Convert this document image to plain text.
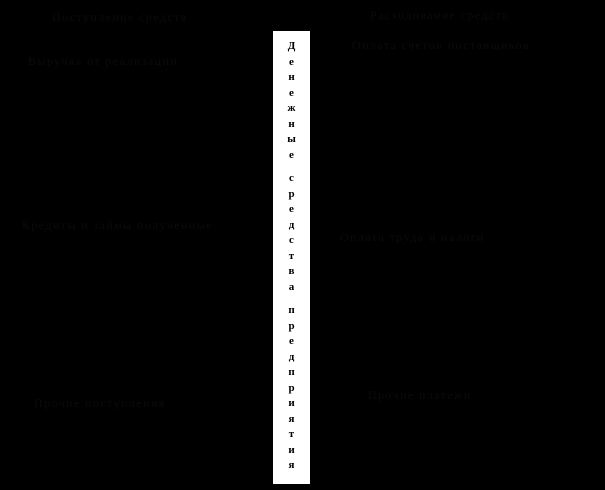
Поступление средств
Выручка от реализации
Кредиты и займы полученные
Прочие поступления
Расходование средств
Оплата счетов поставщиков
Оплата труда и налоги
Прочие платежи
Д
е
н
е
ж
н
ы
е
с
р
е
д
с
т
в
а
п
р
е
д
п
р
и
я
т
и
я
